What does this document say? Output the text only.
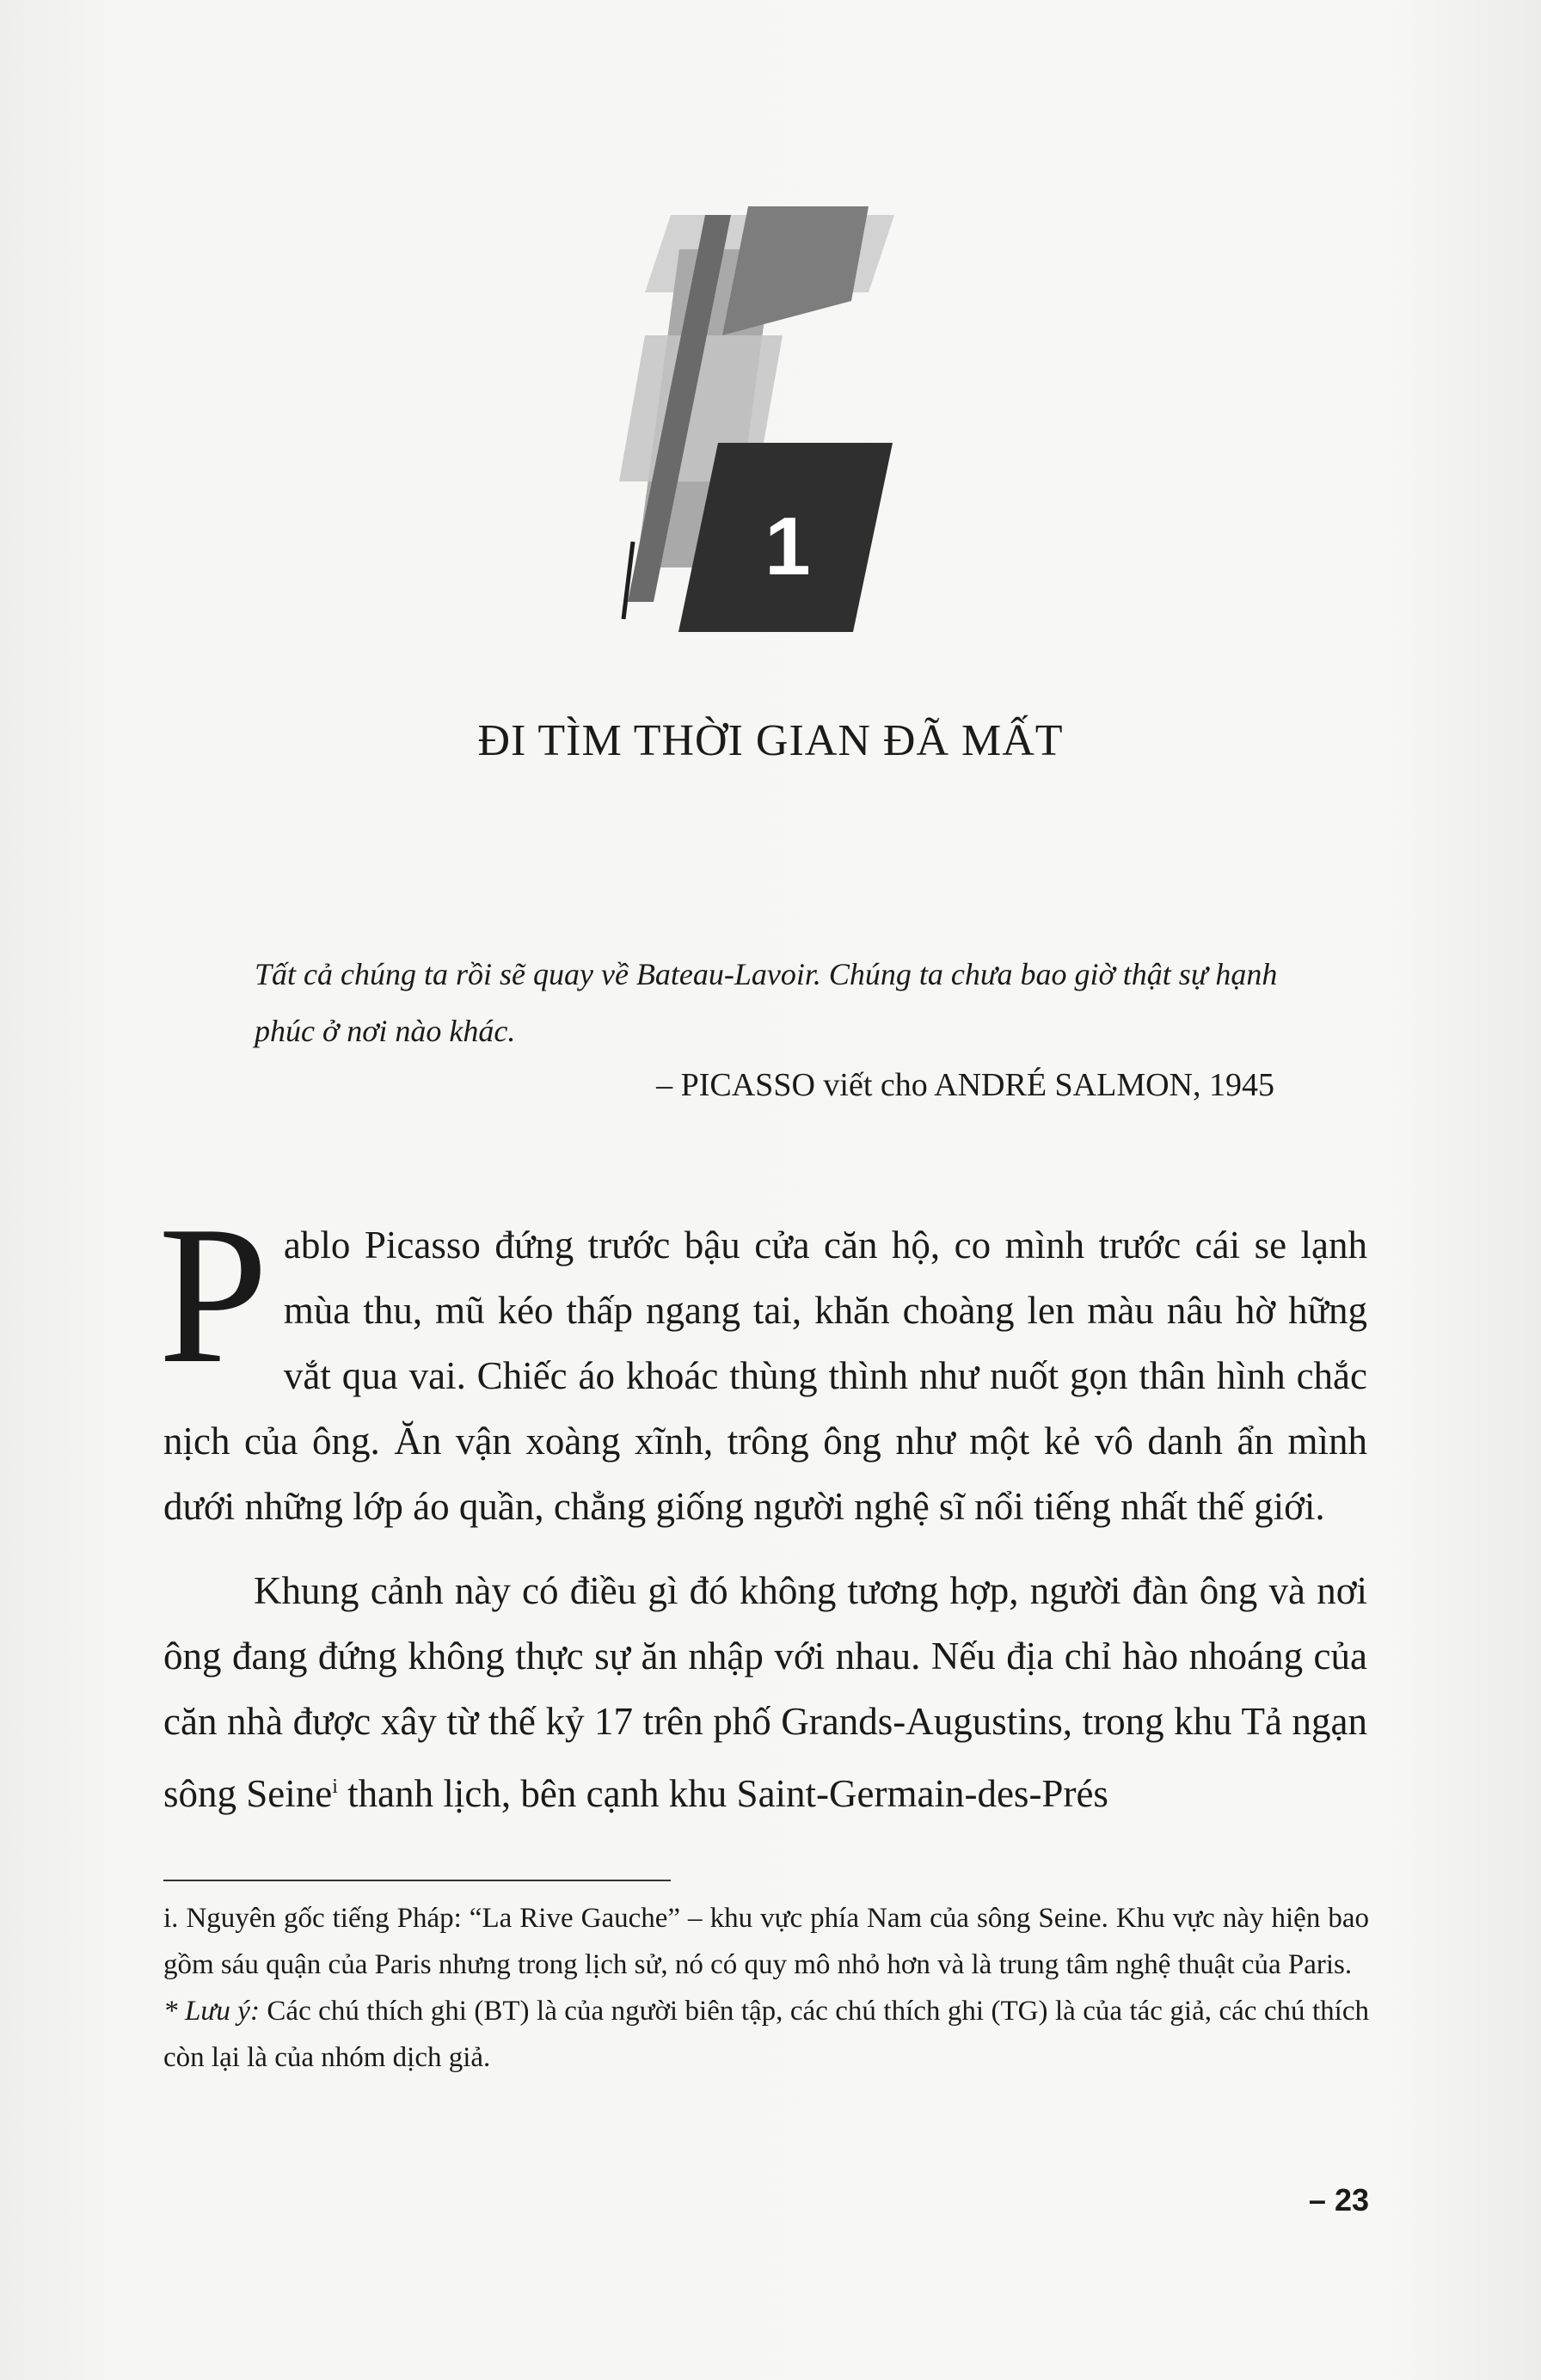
1
ĐI TÌM THỜI GIAN ĐÃ MẤT
Tất cả chúng ta rồi sẽ quay về Bateau-Lavoir. Chúng ta chưa bao giờ thật sự hạnh phúc ở nơi nào khác.
– PICASSO viết cho ANDRÉ SALMON, 1945

Pablo Picasso đứng trước bậu cửa căn hộ, co mình trước cái se lạnh mùa thu, mũ kéo thấp ngang tai, khăn choàng len màu nâu hờ hững vắt qua vai. Chiếc áo khoác thùng thình như nuốt gọn thân hình chắc nịch của ông. Ăn vận xoàng xĩnh, trông ông như một kẻ vô danh ẩn mình dưới những lớp áo quần, chẳng giống người nghệ sĩ nổi tiếng nhất thế giới.

Khung cảnh này có điều gì đó không tương hợp, người đàn ông và nơi ông đang đứng không thực sự ăn nhập với nhau. Nếu địa chỉ hào nhoáng của căn nhà được xây từ thế kỷ 17 trên phố Grands-Augustins, trong khu Tả ngạn sông Seine$^i$ thanh lịch, bên cạnh khu Saint-Germain-des-Prés

i. Nguyên gốc tiếng Pháp: “La Rive Gauche” – khu vực phía Nam của sông Seine. Khu vực này hiện bao gồm sáu quận của Paris nhưng trong lịch sử, nó có quy mô nhỏ hơn và là trung tâm nghệ thuật của Paris.

* Lưu ý: Các chú thích ghi (BT) là của người biên tập, các chú thích ghi (TG) là của tác giả, các chú thích còn lại là của nhóm dịch giả.

– 23
